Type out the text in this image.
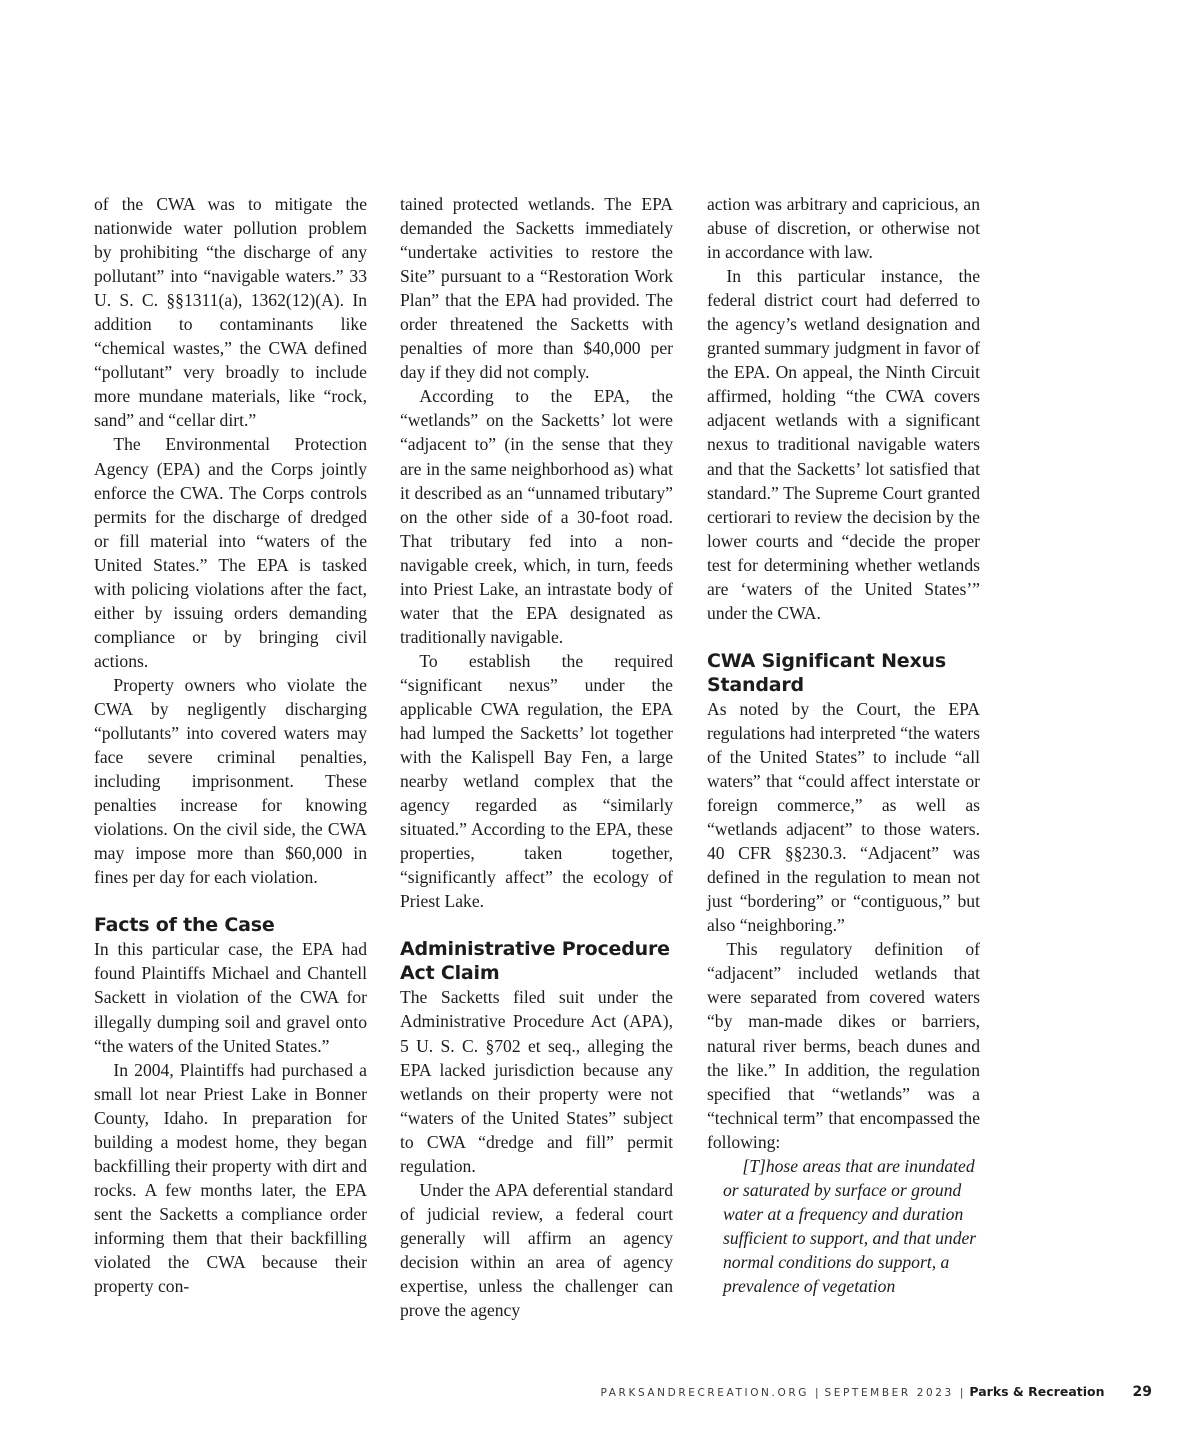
of the CWA was to mitigate the nationwide water pollution problem by prohibiting “the discharge of any pollutant” into “navigable waters.” 33 U. S. C. §§1311(a), 1362(12)(A). In addition to contaminants like “chemical wastes,” the CWA defined “pollutant” very broadly to include more mundane materials, like “rock, sand” and “cellar dirt.”

The Environmental Protection Agency (EPA) and the Corps jointly enforce the CWA. The Corps controls permits for the discharge of dredged or fill material into “waters of the United States.” The EPA is tasked with policing violations after the fact, either by issuing orders demanding compliance or by bringing civil actions.

Property owners who violate the CWA by negligently discharging “pollutants” into covered waters may face severe criminal penalties, including imprisonment. These penalties increase for knowing violations. On the civil side, the CWA may impose more than $60,000 in fines per day for each violation.

Facts of the Case

In this particular case, the EPA had found Plaintiffs Michael and Chantell Sackett in violation of the CWA for illegally dumping soil and gravel onto “the waters of the United States.”

In 2004, Plaintiffs had purchased a small lot near Priest Lake in Bonner County, Idaho. In preparation for building a modest home, they began backfilling their property with dirt and rocks. A few months later, the EPA sent the Sacketts a compliance order informing them that their backfilling violated the CWA because their property con-

tained protected wetlands. The EPA demanded the Sacketts immediately “undertake activities to restore the Site” pursuant to a “Restoration Work Plan” that the EPA had provided. The order threatened the Sacketts with penalties of more than $40,000 per day if they did not comply.

According to the EPA, the “wetlands” on the Sacketts’ lot were “adjacent to” (in the sense that they are in the same neighborhood as) what it described as an “unnamed tributary” on the other side of a 30-foot road. That tributary fed into a non-navigable creek, which, in turn, feeds into Priest Lake, an intrastate body of water that the EPA designated as traditionally navigable.

To establish the required “significant nexus” under the applicable CWA regulation, the EPA had lumped the Sacketts’ lot together with the Kalispell Bay Fen, a large nearby wetland complex that the agency regarded as “similarly situated.” According to the EPA, these properties, taken together, “significantly affect” the ecology of Priest Lake.

Administrative Procedure Act Claim

The Sacketts filed suit under the Administrative Procedure Act (APA), 5 U. S. C. §702 et seq., alleging the EPA lacked jurisdiction because any wetlands on their property were not “waters of the United States” subject to CWA “dredge and fill” permit regulation.

Under the APA deferential standard of judicial review, a federal court generally will affirm an agency decision within an area of agency expertise, unless the challenger can prove the agency

action was arbitrary and capricious, an abuse of discretion, or otherwise not in accordance with law.

In this particular instance, the federal district court had deferred to the agency’s wetland designation and granted summary judgment in favor of the EPA. On appeal, the Ninth Circuit affirmed, holding “the CWA covers adjacent wetlands with a significant nexus to traditional navigable waters and that the Sacketts’ lot satisfied that standard.” The Supreme Court granted certiorari to review the decision by the lower courts and “decide the proper test for determining whether wetlands are ‘waters of the United States’” under the CWA.

CWA Significant Nexus Standard

As noted by the Court, the EPA regulations had interpreted “the waters of the United States” to include “all waters” that “could affect interstate or foreign commerce,” as well as “wetlands adjacent” to those waters. 40 CFR §§230.3. “Adjacent” was defined in the regulation to mean not just “bordering” or “contiguous,” but also “neighboring.”

This regulatory definition of “adjacent” included wetlands that were separated from covered waters “by man-made dikes or barriers, natural river berms, beach dunes and the like.” In addition, the regulation specified that “wetlands” was a “technical term” that encompassed the following:

[T]hose areas that are inundated or saturated by surface or ground water at a frequency and duration sufficient to support, and that under normal conditions do support, a prevalence of vegetation

PARKSANDRECREATION.ORG | SEPTEMBER 2023 | Parks & Recreation 29
